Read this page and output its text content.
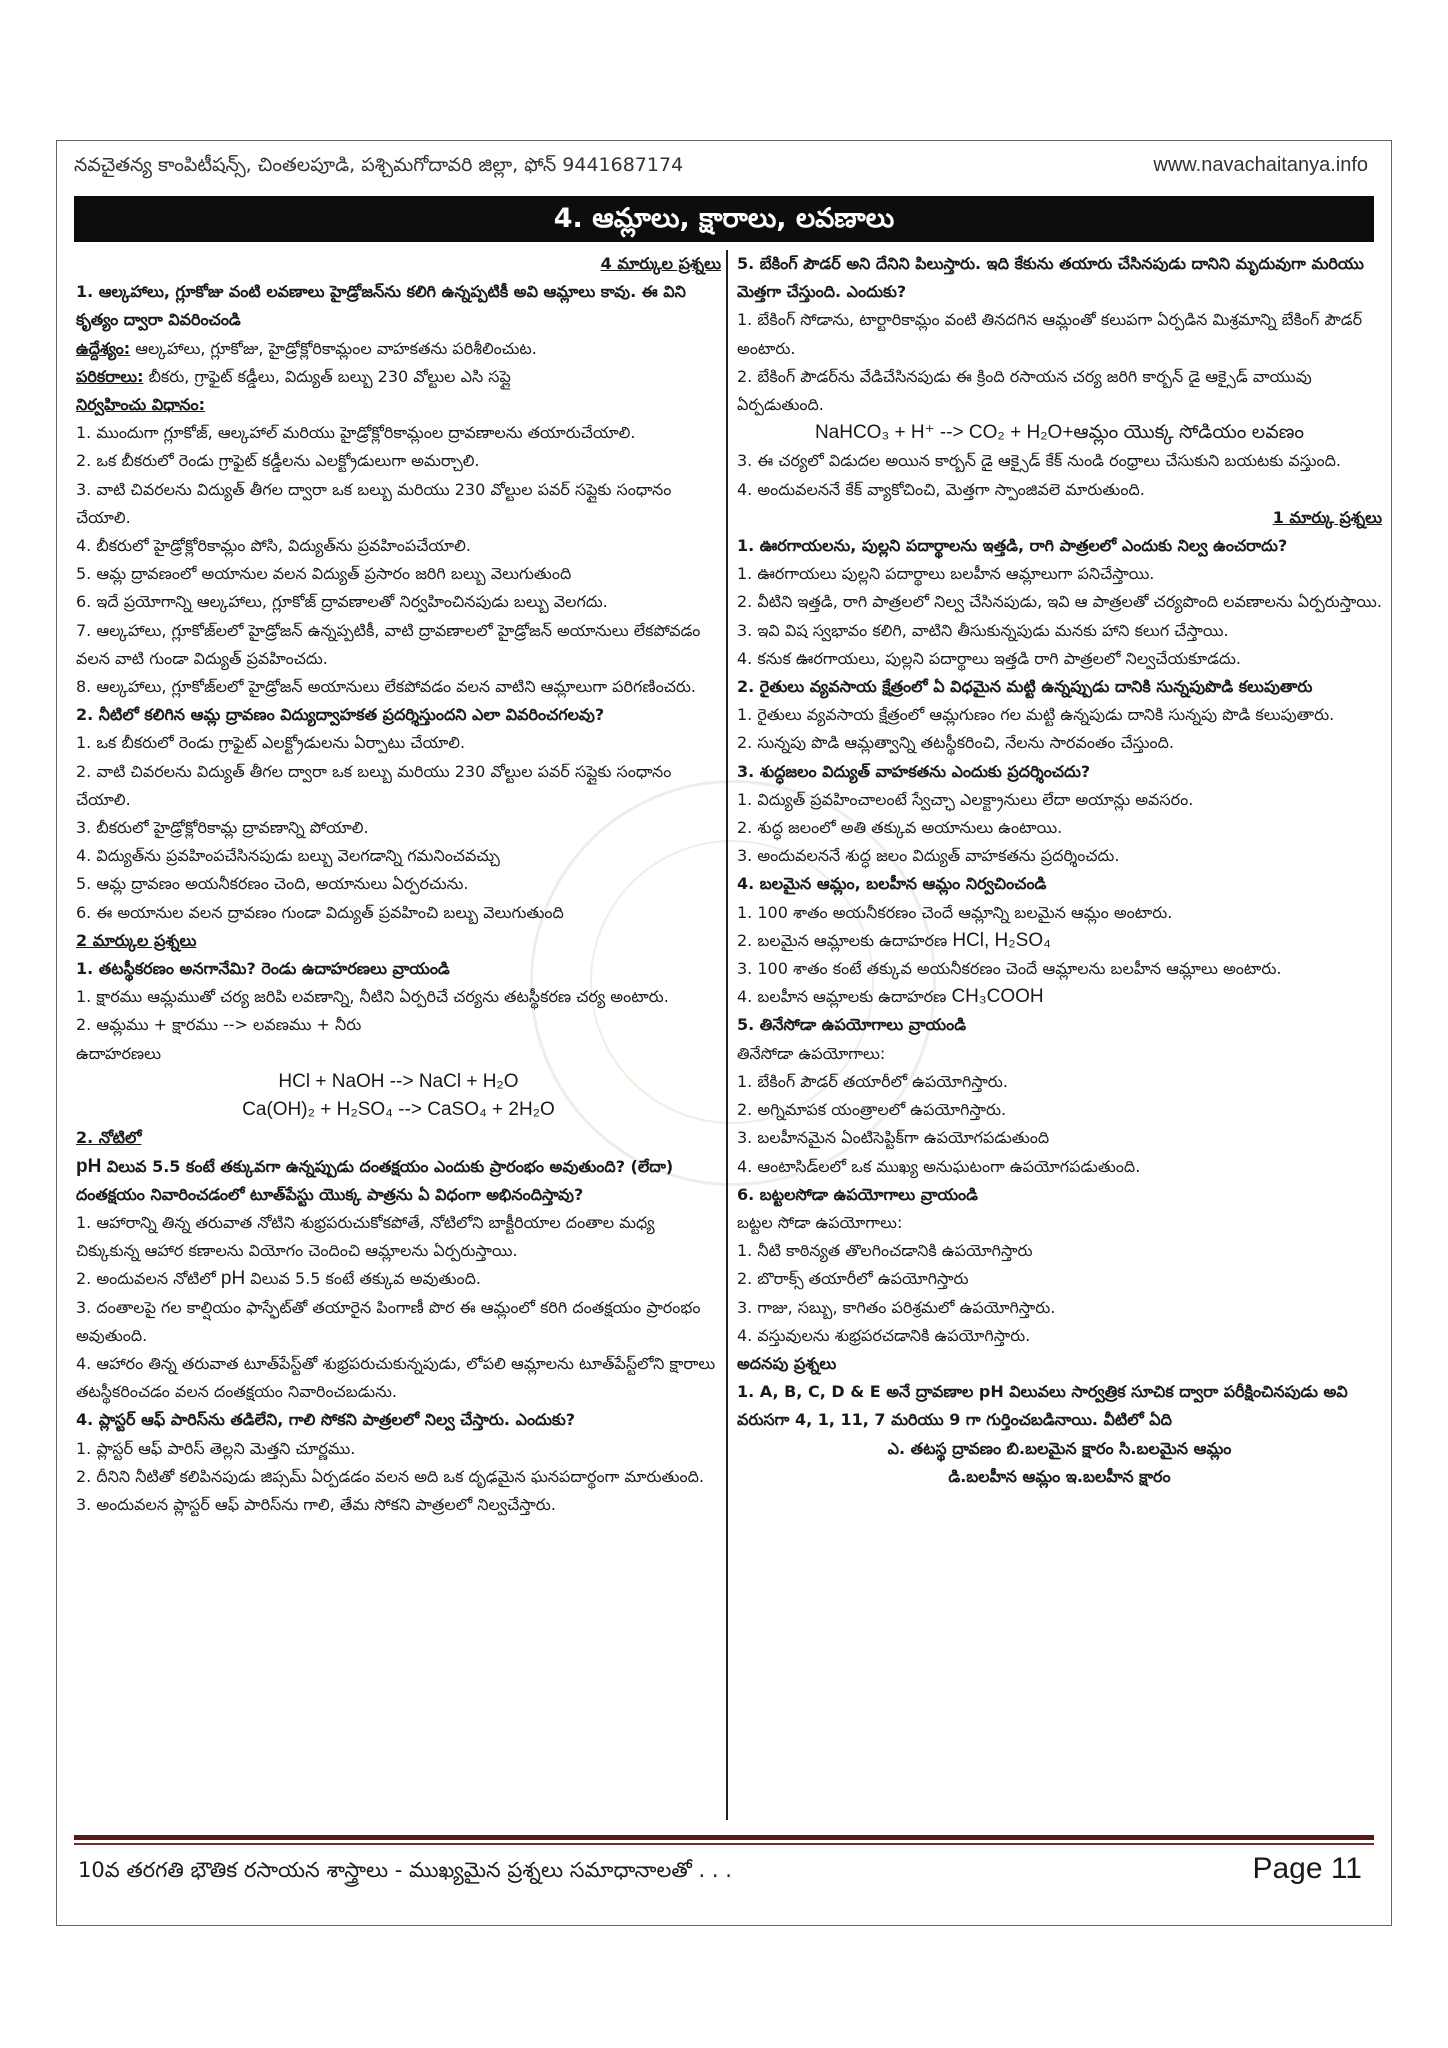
నవచైతన్య కాంపిటీషన్స్, చింతలపూడి, పశ్చిమగోదావరి జిల్లా, ఫోన్ 9441687174	www.navachaitanya.info
4. ఆమ్లాలు, క్షారాలు, లవణాలు

4 మార్కుల ప్రశ్నలు

1. ఆల్కహాలు, గ్లూకోజు వంటి లవణాలు హైడ్రోజన్‌ను కలిగి ఉన్నప్పటికీ అవి ఆమ్లాలు కావు. ఈ విని కృత్యం ద్వారా వివరించండి

ఉద్దేశ్యం: ఆల్కహాలు, గ్లూకోజు, హైడ్రోక్లోరికామ్లంల వాహకతను పరిశీలించుట.

పరికరాలు: బీకరు, గ్రాఫైట్ కడ్డీలు, విద్యుత్ బల్బు 230 వోల్టుల ఎసి సప్లై

నిర్వహించు విధానం:

1. ముందుగా గ్లూకోజ్, ఆల్కహాల్ మరియు హైడ్రోక్లోరికామ్లంల ద్రావణాలను తయారుచేయాలి.

2. ఒక బీకరులో రెండు గ్రాఫైట్ కడ్డీలను ఎలక్ట్రోడులుగా అమర్చాలి.

3. వాటి చివరలను విద్యుత్ తీగల ద్వారా ఒక బల్బు మరియు 230 వోల్టుల పవర్ సప్లైకు సంధానం చేయాలి.

4. బీకరులో హైడ్రోక్లోరికామ్లం పోసి, విద్యుత్‌ను ప్రవహింపచేయాలి.

5. ఆమ్ల ద్రావణంలో అయానుల వలన విద్యుత్ ప్రసారం జరిగి బల్బు వెలుగుతుంది

6. ఇదే ప్రయోగాన్ని ఆల్కహాలు, గ్లూకోజ్ ద్రావణాలతో నిర్వహించినపుడు బల్బు వెలగదు.

7. ఆల్కహాలు, గ్లూకోజ్‌లలో హైడ్రోజన్ ఉన్నప్పటికీ, వాటి ద్రావణాలలో హైడ్రోజన్ అయానులు లేకపోవడం వలన వాటి గుండా విద్యుత్ ప్రవహించదు.

8. ఆల్కహాలు, గ్లూకోజ్‌లలో హైడ్రోజన్ అయానులు లేకపోవడం వలన వాటిని ఆమ్లాలుగా పరిగణించరు.

2. నీటిలో కలిగిన ఆమ్ల ద్రావణం విద్యుద్వాహకత ప్రదర్శిస్తుందని ఎలా వివరించగలవు?

1. ఒక బీకరులో రెండు గ్రాఫైట్ ఎలక్ట్రోడులను ఏర్పాటు చేయాలి.

2. వాటి చివరలను విద్యుత్ తీగల ద్వారా ఒక బల్బు మరియు 230 వోల్టుల పవర్ సప్లైకు సంధానం చేయాలి.

3. బీకరులో హైడ్రోక్లోరికామ్ల ద్రావణాన్ని పోయాలి.

4. విద్యుత్‌ను ప్రవహింపచేసినపుడు బల్బు వెలగడాన్ని గమనించవచ్చు

5. ఆమ్ల ద్రావణం అయనీకరణం చెంది, అయానులు ఏర్పరచును.

6. ఈ అయానుల వలన ద్రావణం గుండా విద్యుత్ ప్రవహించి బల్బు వెలుగుతుంది

2 మార్కుల ప్రశ్నలు

1. తటస్థీకరణం అనగానేమి? రెండు ఉదాహరణలు వ్రాయండి

1. క్షారము ఆమ్లముతో చర్య జరిపి లవణాన్ని, నీటిని ఏర్పరిచే చర్యను తటస్థీకరణ చర్య అంటారు.

2. ఆమ్లము + క్షారము --> లవణము + నీరు

ఉదాహరణలు

HCl + NaOH --> NaCl + H₂O

Ca(OH)₂ + H₂SO₄ --> CaSO₄ + 2H₂O

2. నోటిలో

pH విలువ 5.5 కంటే తక్కువగా ఉన్నప్పుడు దంతక్షయం ఎందుకు ప్రారంభం అవుతుంది? (లేదా) దంతక్షయం నివారించడంలో టూత్‌పేస్టు యొక్క పాత్రను ఏ విధంగా అభినందిస్తావు?

1. ఆహారాన్ని తిన్న తరువాత నోటిని శుభ్రపరుచుకోకపోతే, నోటిలోని బాక్టీరియాల దంతాల మధ్య చిక్కుకున్న ఆహార కణాలను వియోగం చెందించి ఆమ్లాలను ఏర్పరుస్తాయి.

2. అందువలన నోటిలో pH విలువ 5.5 కంటే తక్కువ అవుతుంది.

3. దంతాలపై గల కాల్షియం ఫాస్ఫేట్‌తో తయారైన పింగాణీ పొర ఈ ఆమ్లంలో కరిగి దంతక్షయం ప్రారంభం అవుతుంది.

4. ఆహారం తిన్న తరువాత టూత్‌పేస్ట్‌తో శుభ్రపరుచుకున్నపుడు, లోపలి ఆమ్లాలను టూత్‌పేస్ట్‌లోని క్షారాలు తటస్థీకరించడం వలన దంతక్షయం నివారించబడును.

4. ప్లాస్టర్ ఆఫ్ పారిస్‌ను తడిలేని, గాలి సోకని పాత్రలలో నిల్వ చేస్తారు. ఎందుకు?

1. ప్లాస్టర్ ఆఫ్ పారిస్ తెల్లని మెత్తని చూర్ణము.

2. దీనిని నీటితో కలిపినపుడు జిప్సమ్ ఏర్పడడం వలన అది ఒక దృఢమైన ఘనపదార్థంగా మారుతుంది.

3. అందువలన ప్లాస్టర్ ఆఫ్ పారిస్‌ను గాలి, తేమ సోకని పాత్రలలో నిల్వచేస్తారు.

5. బేకింగ్ పౌడర్ అని దేనిని పిలుస్తారు. ఇది కేకును తయారు చేసినపుడు దానిని మృదువుగా మరియు మెత్తగా చేస్తుంది. ఎందుకు?

1. బేకింగ్ సోడాను, టార్టారికామ్లం వంటి తినదగిన ఆమ్లంతో కలుపగా ఏర్పడిన మిశ్రమాన్ని బేకింగ్ పౌడర్ అంటారు.

2. బేకింగ్ పౌడర్‌ను వేడిచేసినపుడు ఈ క్రింది రసాయన చర్య జరిగి కార్బన్ డై ఆక్సైడ్ వాయువు ఏర్పడుతుంది.

NaHCO₃ + H⁺ --> CO₂ + H₂O+ఆమ్లం యొక్క సోడియం లవణం

3. ఈ చర్యలో విడుదల అయిన కార్బన్ డై ఆక్సైడ్ కేక్ నుండి రంధ్రాలు చేసుకుని బయటకు వస్తుంది.

4. అందువలననే కేక్ వ్యాకోచించి, మెత్తగా స్పాంజివలె మారుతుంది.

1 మార్కు ప్రశ్నలు

1. ఊరగాయలను, పుల్లని పదార్థాలను ఇత్తడి, రాగి పాత్రలలో ఎందుకు నిల్వ ఉంచరాదు?

1. ఊరగాయలు పుల్లని పదార్థాలు బలహీన ఆమ్లాలుగా పనిచేస్తాయి.

2. వీటిని ఇత్తడి, రాగి పాత్రలలో నిల్వ చేసినపుడు, ఇవి ఆ పాత్రలతో చర్యపొంది లవణాలను ఏర్పరుస్తాయి.

3. ఇవి విష స్వభావం కలిగి, వాటిని తీసుకున్నపుడు మనకు హాని కలుగ చేస్తాయి.

4. కనుక ఊరగాయలు, పుల్లని పదార్థాలు ఇత్తడి రాగి పాత్రలలో నిల్వచేయకూడదు.

2. రైతులు వ్యవసాయ క్షేత్రంలో ఏ విధమైన మట్టి ఉన్నప్పుడు దానికి సున్నపుపొడి కలుపుతారు

1. రైతులు వ్యవసాయ క్షేత్రంలో ఆమ్లగుణం గల మట్టి ఉన్నపుడు దానికి సున్నపు పొడి కలుపుతారు.

2. సున్నపు పొడి ఆమ్లత్వాన్ని తటస్థీకరించి, నేలను సారవంతం చేస్తుంది.

3. శుద్ధజలం విద్యుత్ వాహకతను ఎందుకు ప్రదర్శించదు?

1. విద్యుత్ ప్రవహించాలంటే స్వేచ్ఛా ఎలక్ట్రానులు లేదా అయాన్లు అవసరం.

2. శుద్ధ జలంలో అతి తక్కువ అయానులు ఉంటాయి.

3. అందువలననే శుద్ధ జలం విద్యుత్ వాహకతను ప్రదర్శించదు.

4. బలమైన ఆమ్లం, బలహీన ఆమ్లం నిర్వచించండి

1. 100 శాతం అయనీకరణం చెందే ఆమ్లాన్ని బలమైన ఆమ్లం అంటారు.

2. బలమైన ఆమ్లాలకు ఉదాహరణ HCl, H₂SO₄

3. 100 శాతం కంటే తక్కువ అయనీకరణం చెందే ఆమ్లాలను బలహీన ఆమ్లాలు అంటారు.

4. బలహీన ఆమ్లాలకు ఉదాహరణ CH₃COOH

5. తినేసోడా ఉపయోగాలు వ్రాయండి

తినేసోడా ఉపయోగాలు:

1. బేకింగ్ పౌడర్ తయారీలో ఉపయోగిస్తారు.

2. అగ్నిమాపక యంత్రాలలో ఉపయోగిస్తారు.

3. బలహీనమైన ఏంటిసెప్టిక్‌గా ఉపయోగపడుతుంది

4. ఆంటాసిడ్‌లలో ఒక ముఖ్య అనుఘటంగా ఉపయోగపడుతుంది.

6. బట్టలసోడా ఉపయోగాలు వ్రాయండి

బట్టల సోడా ఉపయోగాలు:

1. నీటి కాఠిన్యత తొలగించడానికి ఉపయోగిస్తారు

2. బొరాక్స్ తయారీలో ఉపయోగిస్తారు

3. గాజు, సబ్బు, కాగితం పరిశ్రమలో ఉపయోగిస్తారు.

4. వస్తువులను శుభ్రపరచడానికి ఉపయోగిస్తారు.

అదనపు ప్రశ్నలు

1. A, B, C, D & E అనే ద్రావణాల pH విలువలు సార్వత్రిక సూచిక ద్వారా పరీక్షించినపుడు అవి వరుసగా 4, 1, 11, 7 మరియు 9 గా గుర్తించబడినాయి. వీటిలో ఏది

ఎ. తటస్థ ద్రావణం బి.బలమైన క్షారం సి.బలమైన ఆమ్లం

డి.బలహీన ఆమ్లం ఇ.బలహీన క్షారం

10వ తరగతి భౌతిక రసాయన శాస్త్రాలు - ముఖ్యమైన ప్రశ్నలు సమాధానాలతో . . .	Page 11
